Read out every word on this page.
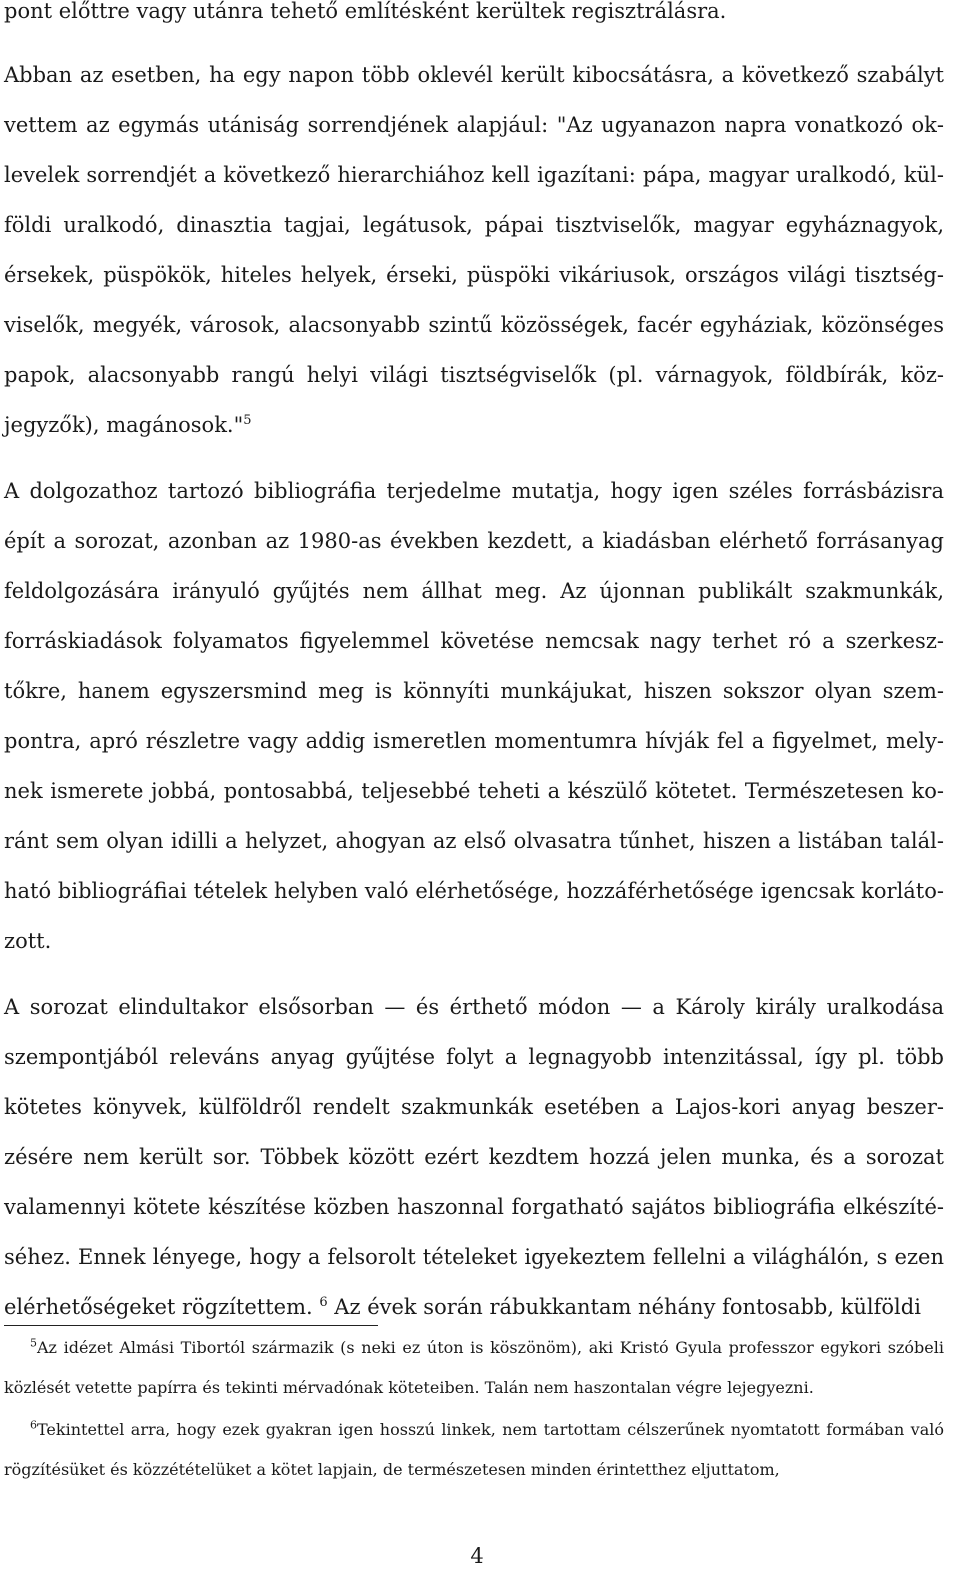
pont előttre vagy utánra tehető említésként kerültek regisztrálásra.

Abban az esetben, ha egy napon több oklevél került kibocsátásra, a következő szabályt vettem az egymás utániság sorrendjének alapjául: "Az ugyanazon napra vonatkozó oklevelek sorrendjét a következő hierarchiához kell igazítani: pápa, magyar uralkodó, külföldi uralkodó, dinasztia tagjai, legátusok, pápai tisztviselők, magyar egyháznagyok, érsekek, püspökök, hiteles helyek, érseki, püspöki vikáriusok, országos világi tisztségviselők, megyék, városok, alacsonyabb szintű közösségek, facér egyháziak, közönséges papok, alacsonyabb rangú helyi világi tisztségviselők (pl. várnagyok, földbírák, közjegyzők), magánosok."$^5$

A dolgozathoz tartozó bibliográfia terjedelme mutatja, hogy igen széles forrásbázisra épít a sorozat, azonban az 1980-as években kezdett, a kiadásban elérhető forrásanyag feldolgozására irányuló gyűjtés nem állhat meg. Az újonnan publikált szakmunkák, forráskiadások folyamatos figyelemmel követése nemcsak nagy terhet ró a szerkesztőkre, hanem egyszersmind meg is könnyíti munkájukat, hiszen sokszor olyan szempontra, apró részletre vagy addig ismeretlen momentumra hívják fel a figyelmet, melynek ismerete jobbá, pontosabbá, teljesebbé teheti a készülő kötetet. Természetesen koránt sem olyan idilli a helyzet, ahogyan az első olvasatra tűnhet, hiszen a listában található bibliográfiai tételek helyben való elérhetősége, hozzáférhetősége igencsak korlátozott.

A sorozat elindultakor elsősorban — és érthető módon — a Károly király uralkodása szempontjából releváns anyag gyűjtése folyt a legnagyobb intenzitással, így pl. több kötetes könyvek, külföldről rendelt szakmunkák esetében a Lajos-kori anyag beszerzésére nem került sor. Többek között ezért kezdtem hozzá jelen munka, és a sorozat valamennyi kötete készítése közben haszonnal forgatható sajátos bibliográfia elkészítéséhez. Ennek lényege, hogy a felsorolt tételeket igyekeztem fellelni a világhálón, s ezen elérhetőségeket rögzítettem. $^6$ Az évek során rábukkantam néhány fontosabb, külföldi

$^5$Az idézet Almási Tibortól származik (s neki ez úton is köszönöm), aki Kristó Gyula professzor egykori szóbeli közlését vetette papírra és tekinti mérvadónak köteteiben. Talán nem haszontalan végre lejegyezni.

$^6$Tekintettel arra, hogy ezek gyakran igen hosszú linkek, nem tartottam célszerűnek nyomtatott formában való rögzítésüket és közzétételüket a kötet lapjain, de természetesen minden érintetthez eljuttatom,

4
